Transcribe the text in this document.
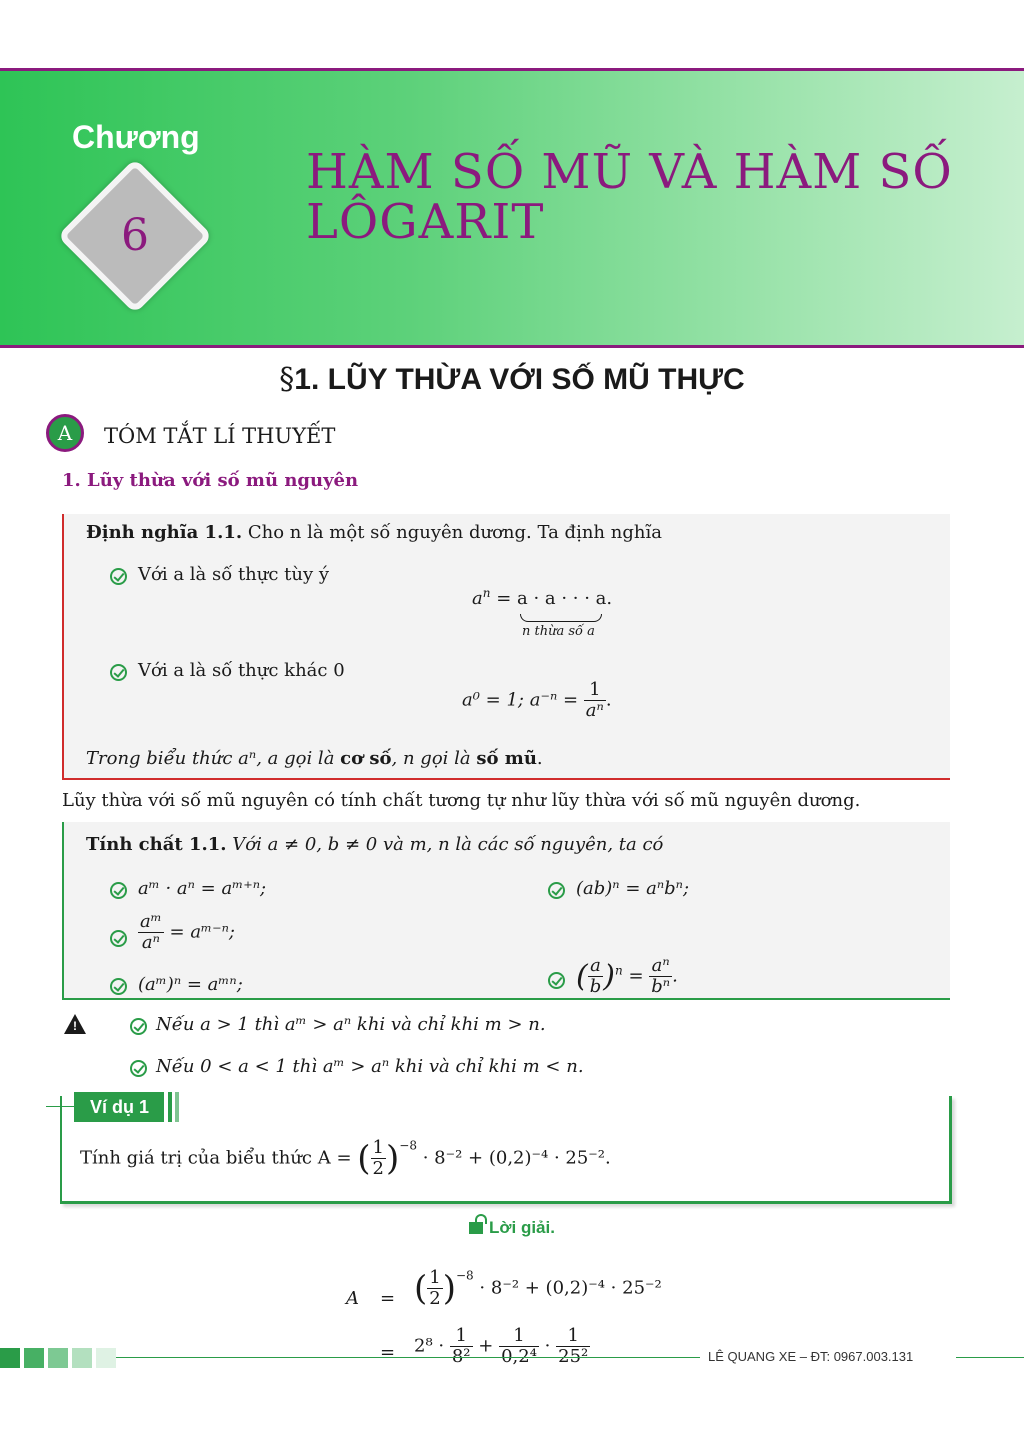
Chương
6
HÀM SỐ MŨ VÀ HÀM SỐ
LÔGARIT
§1. LŨY THỪA VỚI SỐ MŨ THỰC
A	TÓM TẮT LÍ THUYẾT
1. Lũy thừa với số mũ nguyên
Định nghĩa 1.1. Cho n là một số nguyên dương. Ta định nghĩa
Với a là số thực tùy ý
$a^n = a \cdot a$ · · · a.
n thừa số a
Với a là số thực khác 0
a⁰ = 1; $a^{-n} = \frac{1}{\text{aⁿ}}$ .
Trong biểu thức aⁿ, a gọi là cơ số, n gọi là số mũ.
Lũy thừa với số mũ nguyên có tính chất tương tự như lũy thừa với số mũ nguyên dương.
Tính chất 1.1. Với a ≠ 0, b ≠ 0 và m, n là các số nguyên, ta có
aᵐ · aⁿ = aᵐ⁺ⁿ;	(ab)ⁿ = aⁿbⁿ;
$\frac{\text{aᵐ}}{\text{aⁿ}}$ = aᵐ⁻ⁿ;
(aᵐ)ⁿ = aᵐⁿ;	( $\frac{a}{b} )^n = \frac{\text{aⁿ}}{\text{bⁿ}}$ .
!	Nếu a > 1 thì aᵐ > aⁿ khi và chỉ khi m > n.
Nếu 0 < a < 1 thì aᵐ > aⁿ khi và chỉ khi m < n.
Ví dụ 1
Tính giá trị của biểu thức A = ( $\frac{1}{2} )^{-8} \cdot 8^{-2} + (0,2)^{-4} \cdot 25^{-2}$.
Lời giải.
A = ( $\frac{1}{2} )^{-8} \cdot 8^{-2} + (0,2)^{-4} \cdot 25^{-2}$
= $2^8 \cdot \frac{1}{\text{8²}} + \frac{1}{\text{0,2⁴}} \cdot \frac{1}{\text{25²}}$	LÊ QUANG XE – ĐT: 0967.003.131
